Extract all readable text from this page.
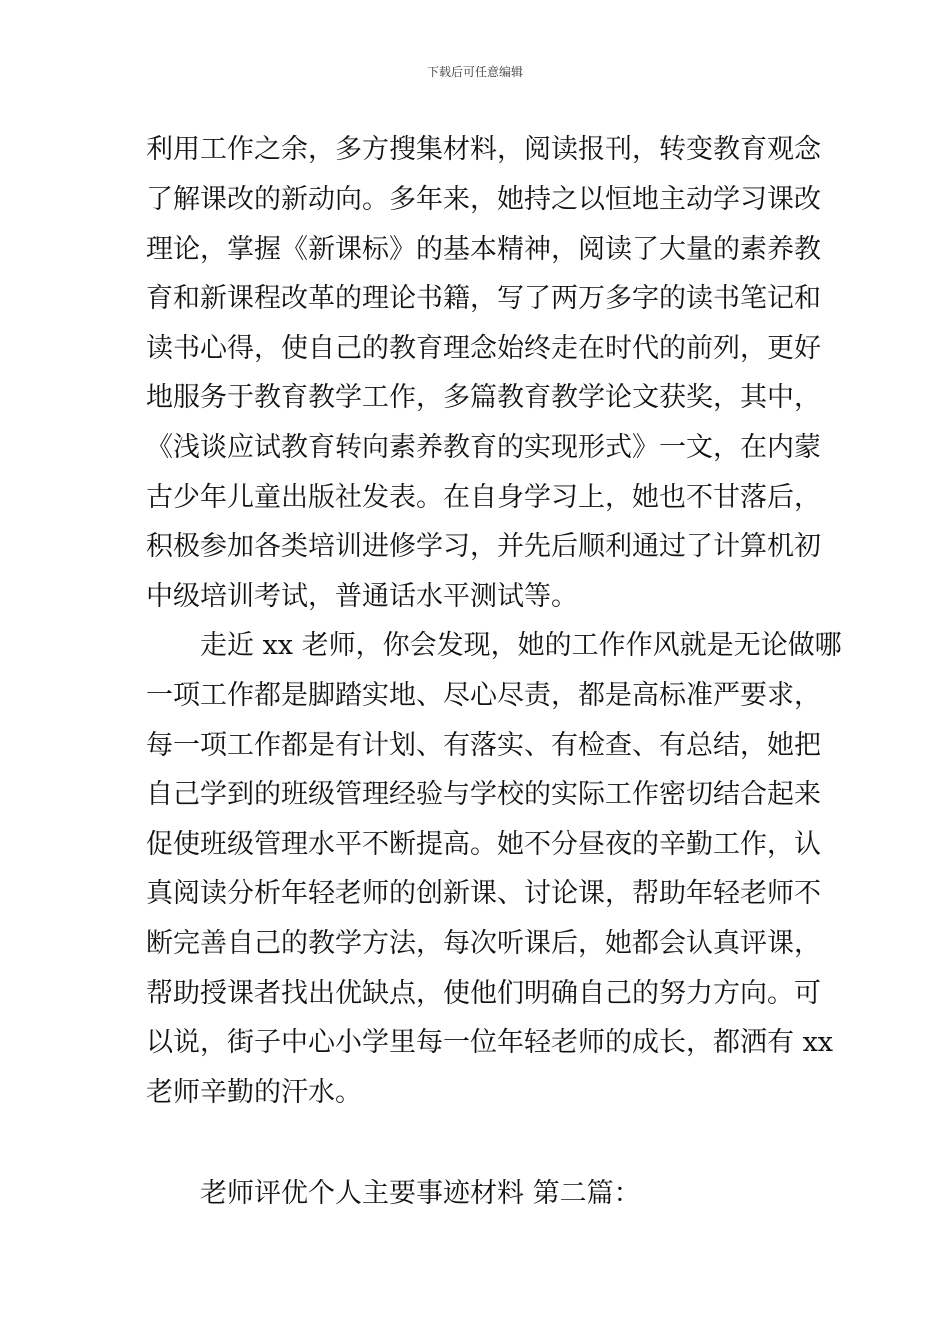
下载后可任意编辑
利用工作之余，多方搜集材料，阅读报刊，转变教育观念
了解课改的新动向。多年来，她持之以恒地主动学习课改
理论，掌握《新课标》的基本精神，阅读了大量的素养教
育和新课程改革的理论书籍，写了两万多字的读书笔记和
读书心得，使自己的教育理念始终走在时代的前列，更好
地服务于教育教学工作，多篇教育教学论文获奖，其中，
《浅谈应试教育转向素养教育的实现形式》一文，在内蒙
古少年儿童出版社发表。在自身学习上，她也不甘落后，
积极参加各类培训进修学习，并先后顺利通过了计算机初
中级培训考试，普通话水平测试等。
走近 xx 老师，你会发现，她的工作作风就是无论做哪
一项工作都是脚踏实地、尽心尽责，都是高标准严要求，
每一项工作都是有计划、有落实、有检查、有总结，她把
自己学到的班级管理经验与学校的实际工作密切结合起来
促使班级管理水平不断提高。她不分昼夜的辛勤工作，认
真阅读分析年轻老师的创新课、讨论课，帮助年轻老师不
断完善自己的教学方法，每次听课后，她都会认真评课，
帮助授课者找出优缺点，使他们明确自己的努力方向。可
以说，街子中心小学里每一位年轻老师的成长，都洒有 xx
老师辛勤的汗水。
老师评优个人主要事迹材料 第二篇：
